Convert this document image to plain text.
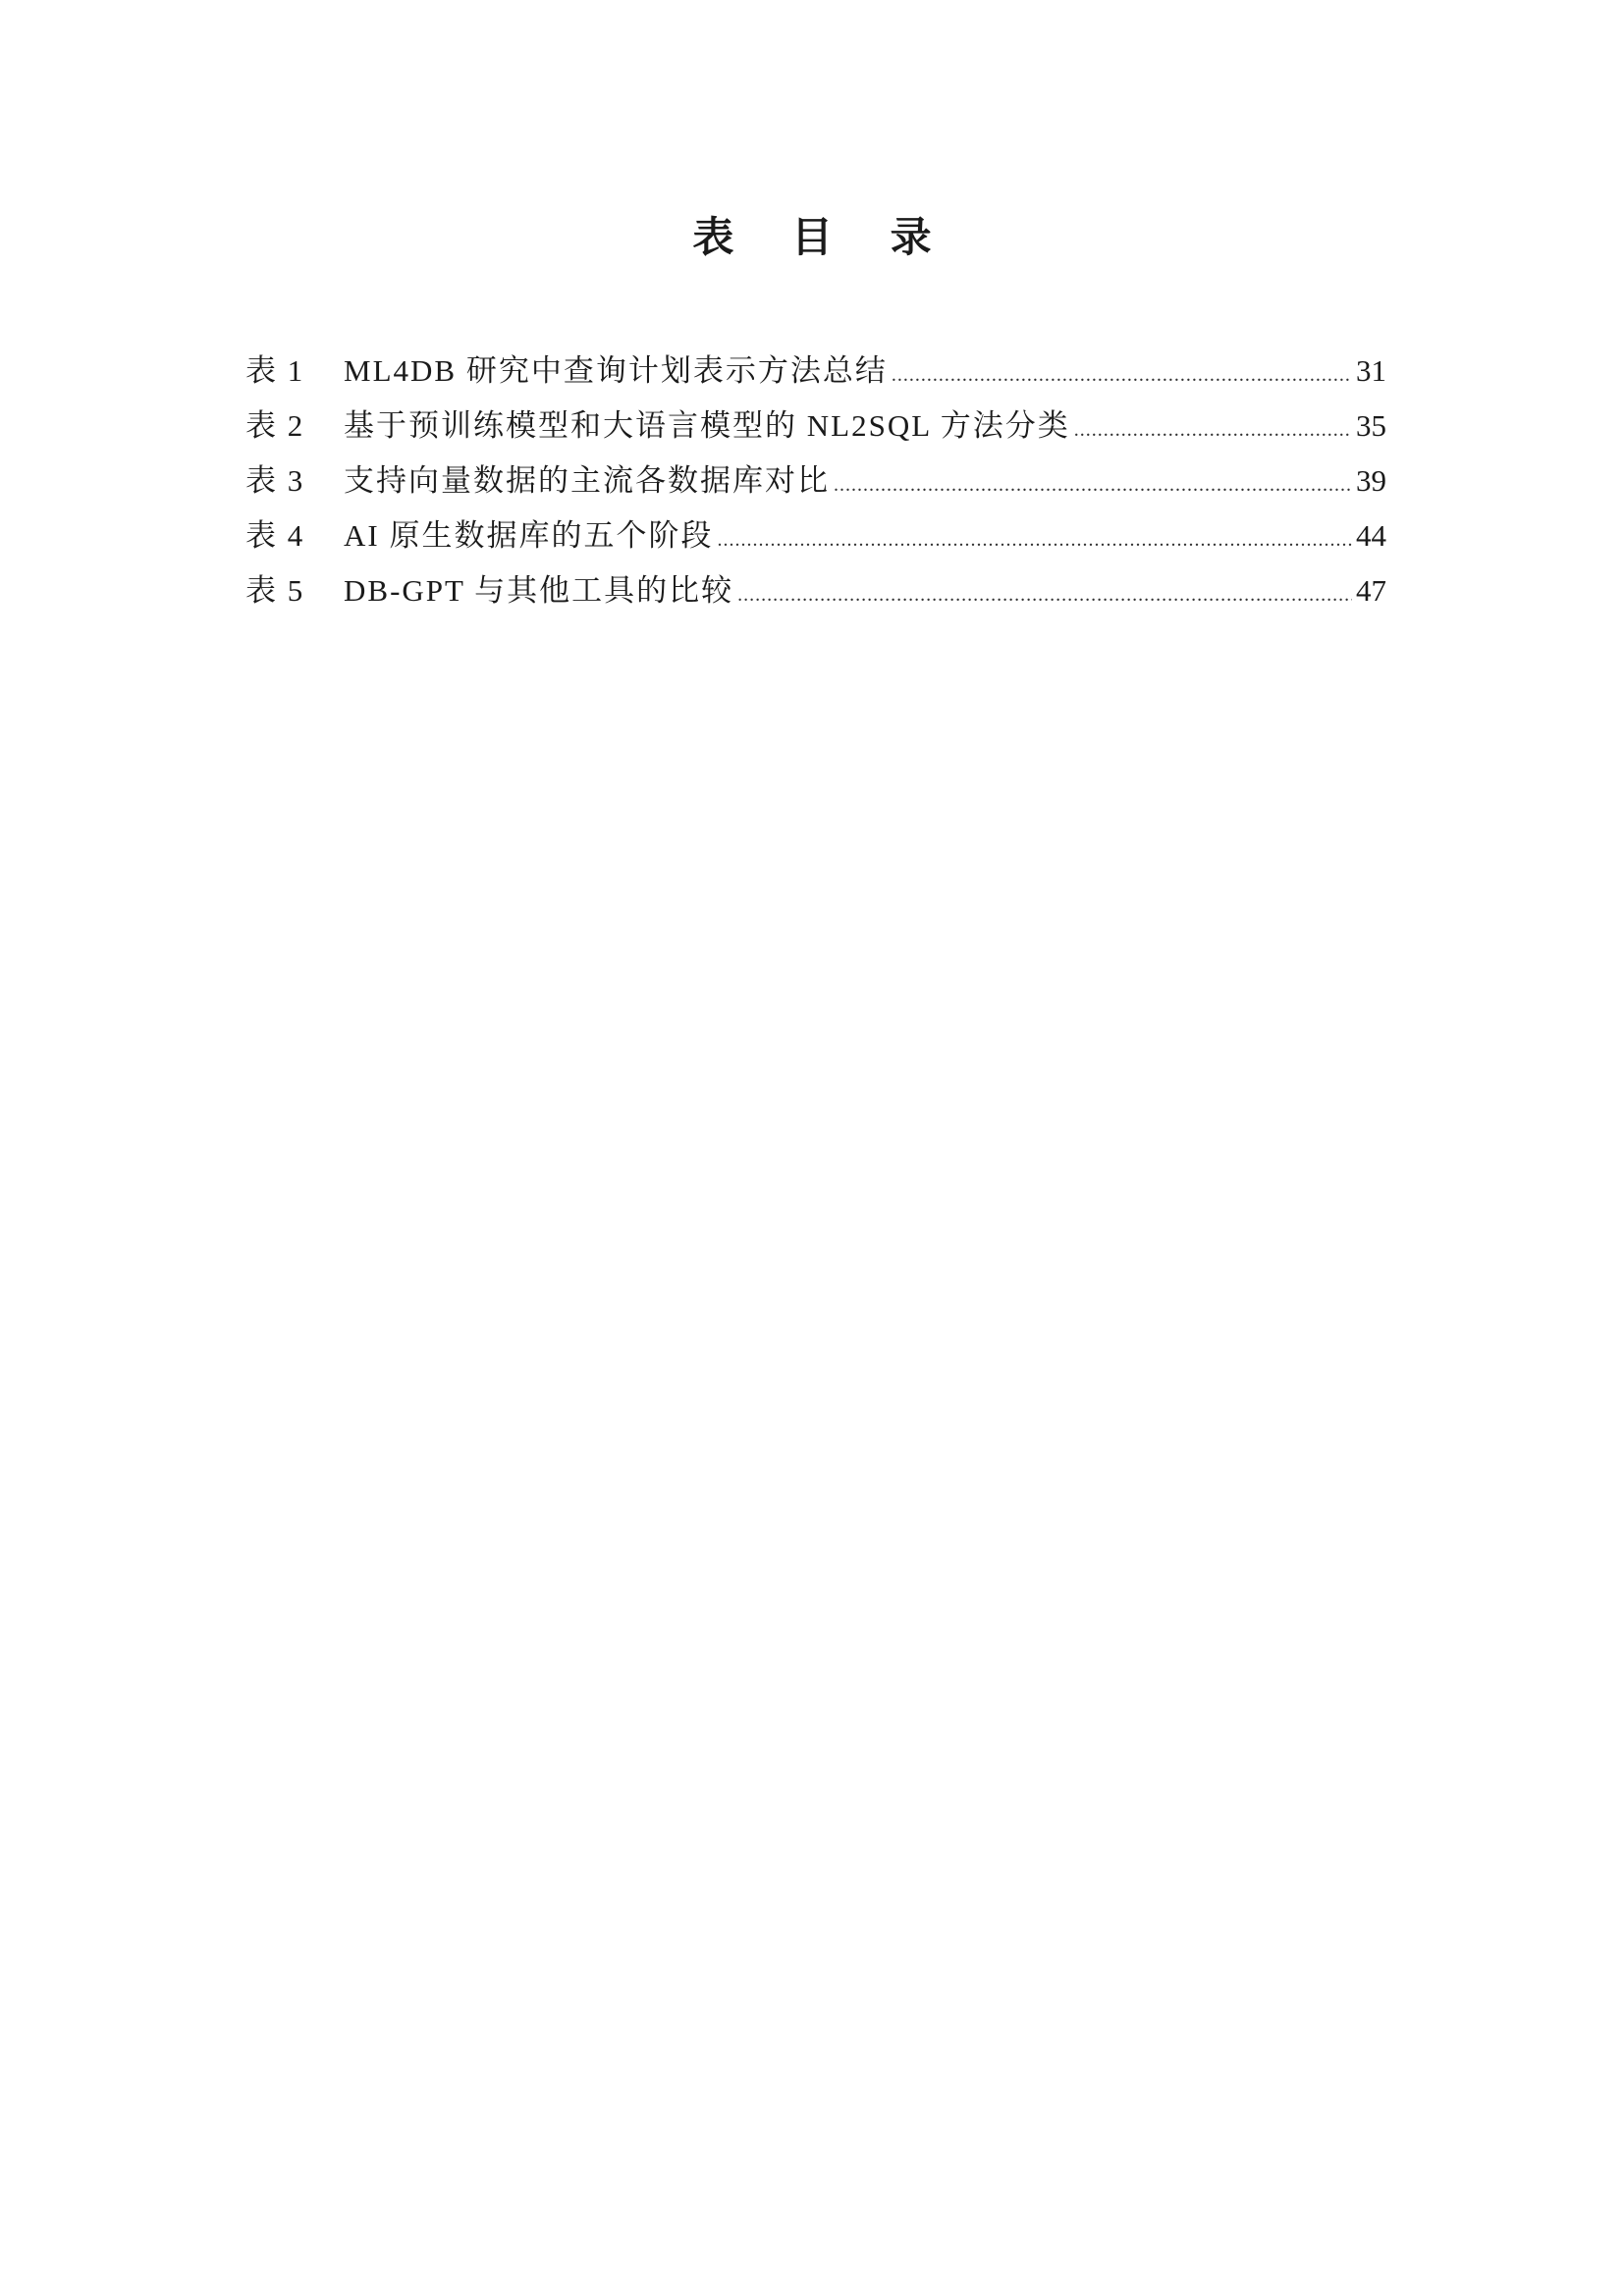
表 目 录
表 1	ML4DB 研究中查询计划表示方法总结 .....	31
表 2	基于预训练模型和大语言模型的 NL2SQL 方法分类 .....	35
表 3	支持向量数据的主流各数据库对比 .....	39
表 4	AI 原生数据库的五个阶段 .....	44
表 5	DB-GPT 与其他工具的比较 .....	47
